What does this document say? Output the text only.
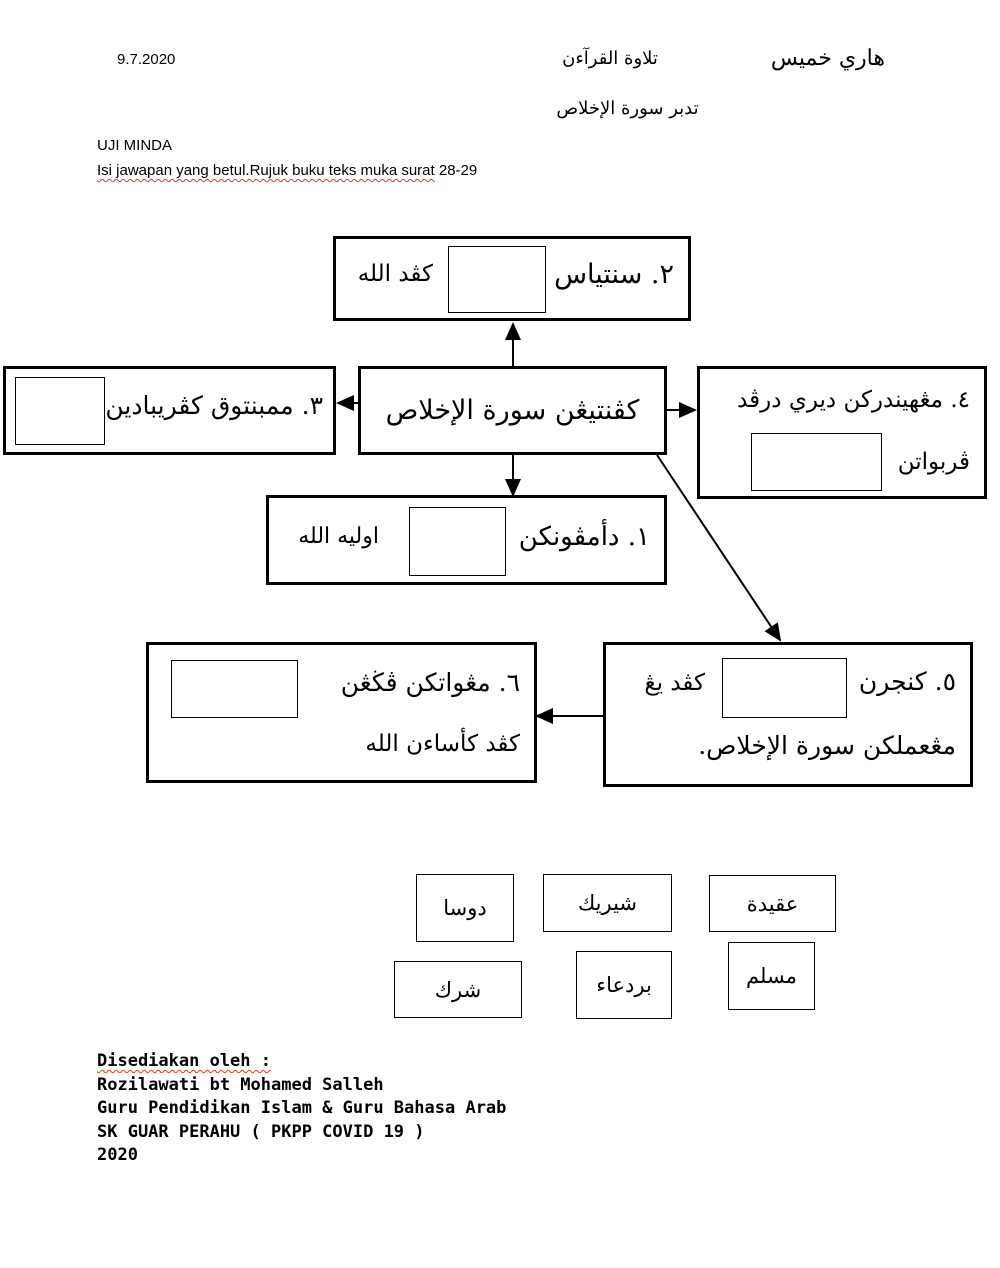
9.7.2020	تلاوة القرآءن	هاري خميس
تدبر سورة الإخلاص
UJI MINDA
Isi jawapan yang betul.Rujuk buku teks muka surat 28-29
٢. سنتياس
كڤد الله
كڤنتيڠن سورة الإخلاص
٣. ممبنتوق كڤريبادين	٤. مڠهيندركن ديري درڤد
ڤربواتن
١. دأمڤونكن
اوليه الله
٥. كنجرن
كڤد يڠ
مڠعملكن سورة الإخلاص.
٦. مڠواتكن ڤڬڠن
كڤد كأساءن الله
دوسا	شيريك	عقيدة
شرك	بردعاء	مسلم
Disediakan oleh :
Rozilawati bt Mohamed Salleh
Guru Pendidikan Islam & Guru Bahasa Arab
SK GUAR PERAHU ( PKPP COVID 19 )
2020
